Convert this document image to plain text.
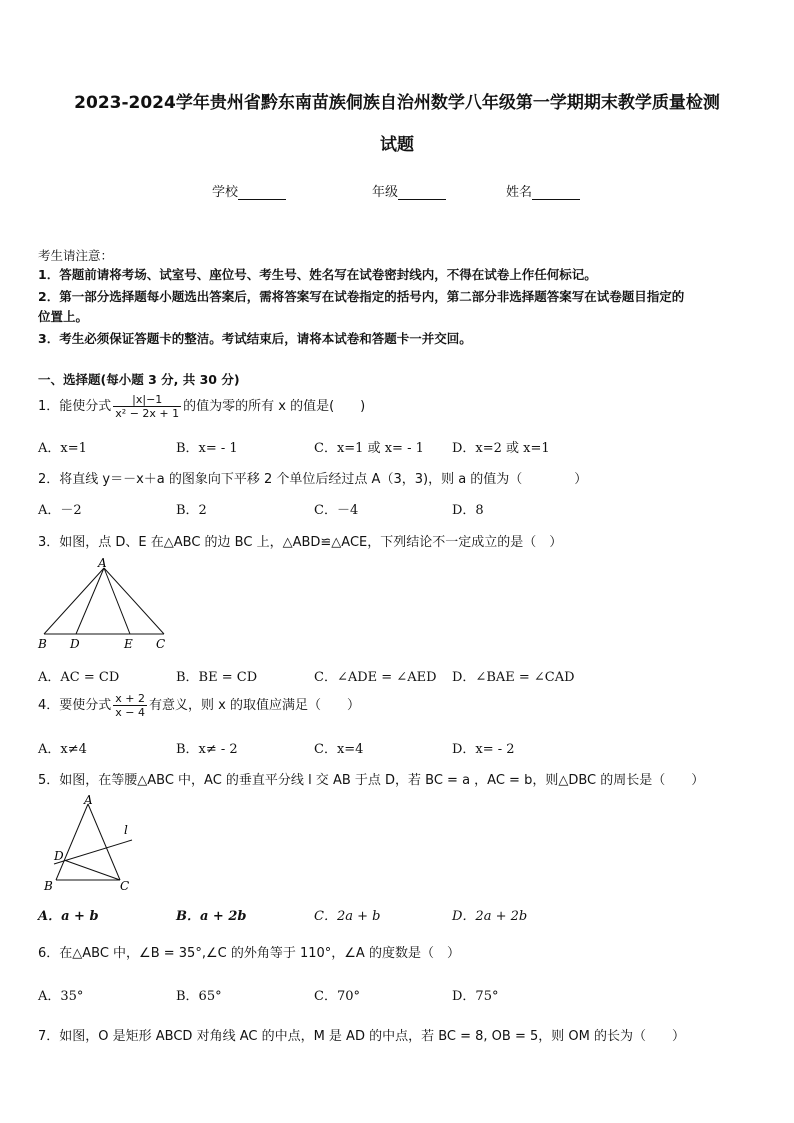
2023-2024学年贵州省黔东南苗族侗族自治州数学八年级第一学期期末教学质量检测
试题
学校	年级	姓名
考生请注意：
1．答题前请将考场、试室号、座位号、考生号、姓名写在试卷密封线内，不得在试卷上作任何标记。
2．第一部分选择题每小题选出答案后，需将答案写在试卷指定的括号内，第二部分非选择题答案写在试卷题目指定的
位置上。
3．考生必须保证答题卡的整洁。考试结束后，请将本试卷和答题卡一并交回。
一、选择题(每小题 3 分, 共 30 分)
1．能使分式 $\frac{|x|-1}{\text{x² − 2x + 1}}$ 的值为零的所有 x 的值是(　　)
A．x=1	B．x= - 1	C．x=1 或 x= - 1 D．x=2 或 x=1
2．将直线 y＝－x＋a 的图象向下平移 2 个单位后经过点 A（3，3)，则 a 的值为（　　　　）
A．－2	B．2	C．－4	D．8
3．如图，点 D、E 在△ABC 的边 BC 上，△ABD≌△ACE，下列结论不一定成立的是（　）
A
B D	E C
A．AC = CD	B．BE = CD	C．∠ADE = ∠AED D．∠BAE = ∠CAD
4．要使分式 $\frac{x + 2}{x - 4}$ 有意义，则 x 的取值应满足（　　）
A．x≠4	B．x≠ - 2	C．x=4	D．x= - 2
5．如图，在等腰△ABC 中，AC 的垂直平分线 l 交 AB 于点 D，若 BC = a ，AC = b，则△DBC 的周长是（　　）
A
l
D
B	C
A．a + b	B．a + 2b	C．2a + b	D．2a + 2b
6．在△ABC 中，∠B = 35°,∠C 的外角等于 110°，∠A 的度数是（　）
A．35°	B．65°	C．70°	D．75°
7．如图，O 是矩形 ABCD 对角线 AC 的中点，M 是 AD 的中点，若 BC = 8, OB = 5，则 OM 的长为（　　）
